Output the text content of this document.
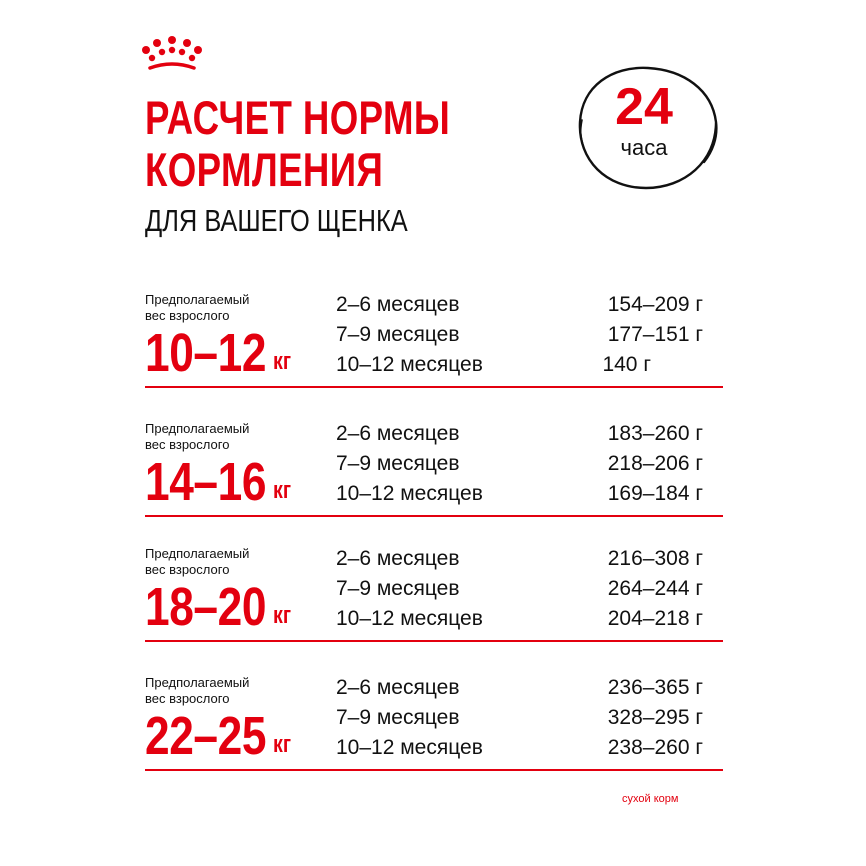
РАСЧЕТ НОРМЫ
КОРМЛЕНИЯ
ДЛЯ ВАШЕГО ЩЕНКА
24
часа
Предполагаемый
вес взрослого
10–12 кг
2–6 месяцев	154–209 г
7–9 месяцев	177–151 г
10–12 месяцев	140 г
Предполагаемый
вес взрослого
14–16 кг
2–6 месяцев	183–260 г
7–9 месяцев	218–206 г
10–12 месяцев	169–184 г
Предполагаемый
вес взрослого
18–20 кг
2–6 месяцев	216–308 г
7–9 месяцев	264–244 г
10–12 месяцев	204–218 г
Предполагаемый
вес взрослого
22–25 кг
2–6 месяцев	236–365 г
7–9 месяцев	328–295 г
10–12 месяцев	238–260 г
сухой корм
